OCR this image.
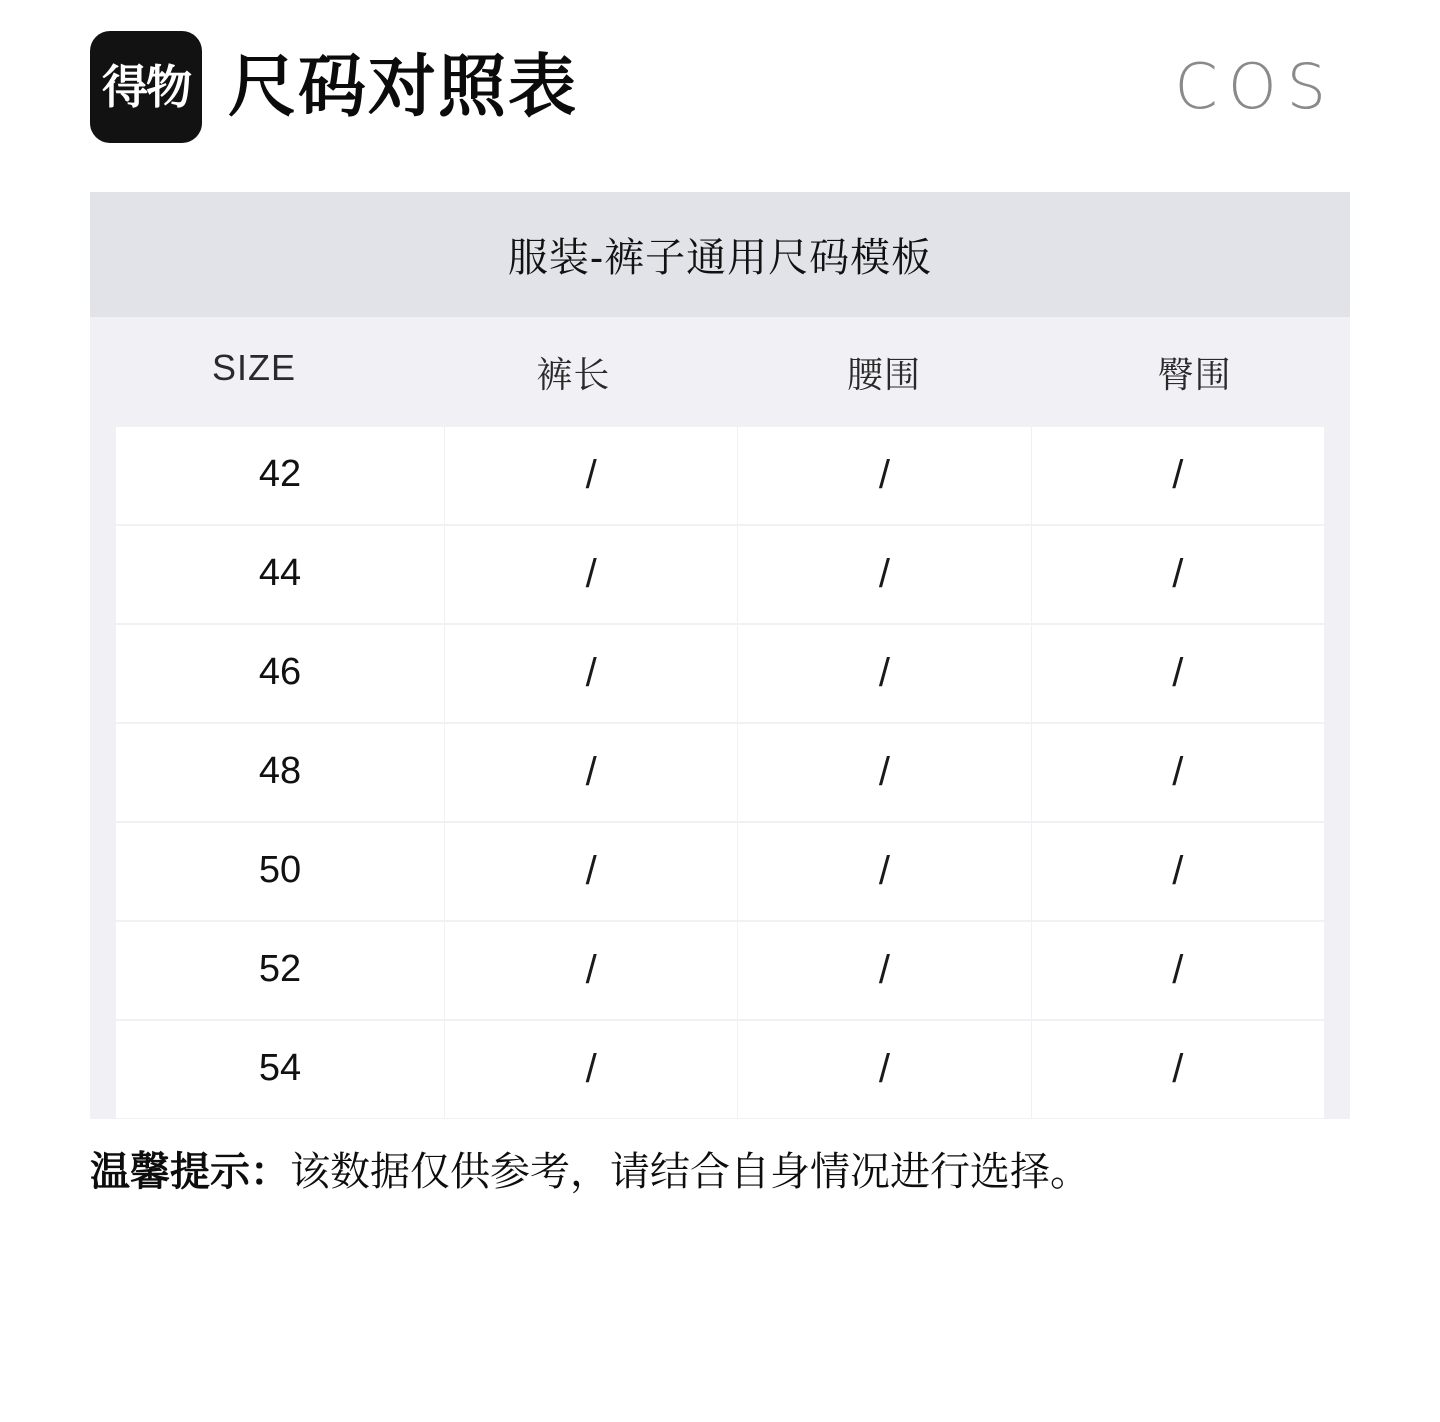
得物 尺码对照表	COS
服装-裤子通用尺码模板
SIZE	裤长	腰围	臀围
42	/	/	/
44	/	/	/
46	/	/	/
48	/	/	/
50	/	/	/
52	/	/	/
54	/	/	/
温馨提示：该数据仅供参考，请结合自身情况进行选择。
